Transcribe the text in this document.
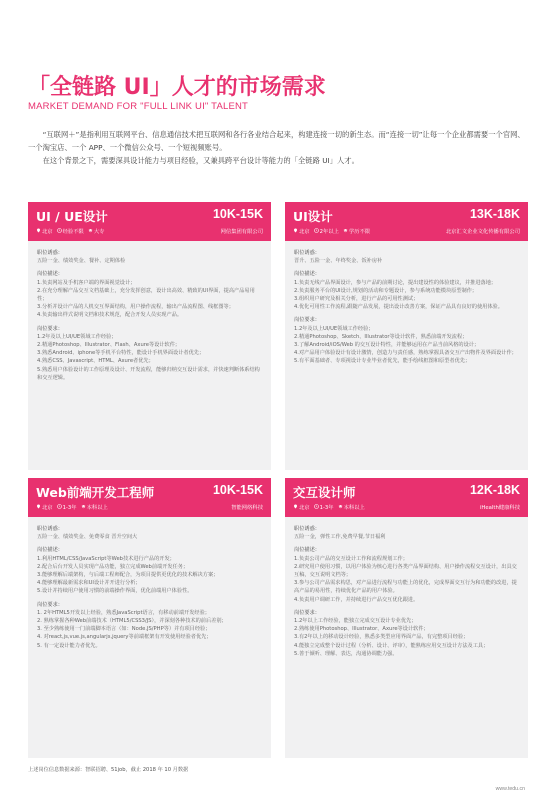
「全链路 UI」人才的市场需求
MARKET DEMAND FOR "FULL LINK UI" TALENT

“互联网＋”是指利用互联网平台、信息通信技术把互联网和各行各业结合起来，构建连接一切的新生态。而“连接一切”让每一个企业都需要一个官网、一个淘宝店、一个 APP、一个微信公众号、一个短视频账号。

在这个背景之下，需要深具设计能力与项目经验，又兼具跨平台设计等能力的「全链路 UI」人才。

UI / UE设计	10K-15K
北京 经验不限 大专	网信集团有限公司
职位诱惑：

五险一金、绩效奖金、餐补、定期体检

岗位描述：

1.负责网站及手机客户端的界面视觉设计；

2.在充分理解产品交互文档基础上，充分发挥创意，设计出高效、精致的UI界面，提高产品易用性；

3.分析并设计产品的人机交互界面结构，用户操作流程，输出产品流程图、线框图等；

4.负责输出样式说明文档和技术规范，配合开发人员实现产品。

岗位要求：

1.2年及以上UI/UE领域工作经验；

2.精通Photoshop、Illustrator、Flash、Axure等设计软件；

3.熟悉Android、iphone等手机平台特性，能设计手机界面设计者优先；

4.熟悉CSS、Javascript、HTML、Axure者优先；

5.熟悉用户体验设计的工作原理及设计、开发流程，能够归纳交互设计需求，并快速判断体系结构和交互逻辑。

UI设计	13K-18K
北京 2年以上 学历不限	北京汇文企业文化传播有限公司
职位诱惑：

晋升、五险一金、年终奖金、饭补房补

岗位描述：

1.负责无线产品界面设计，参与产品的前期讨论，提出建设性的体验建议，并推进落地；

2.负责服务平台的UI设计,规划的活动和专题设计，参与系统功能模块原型制作；

3.组织用户研究及相关分析，进行产品的可用性测试；

4.优化可用性工作流程,跟随产品发展，提出设计改善方案，保证产品具有良好的使用体验。

岗位要求：

1.2年及以上UI/UE领域工作经验；

2.精通Photoshop、Sketch、Illustrator等设计软件，熟悉前端开发流程；

3.了解Android/iOS/Web 的交互设计特性，并能够运用在产品当前风格的设计；

4.对产品用户体验设计有设计激情，创造力与责任感，熟练掌握具备交互产出物件及界面设计作；

5.有平面基础者、专项视设计专业毕业者优先，能手绘线框图和原型者优先；

Web前端开发工程师	10K-15K
北京 1-3年 本科以上	智能网络科技
职位诱惑：

五险一金、绩效奖金、免费零食 晋升空间大

岗位描述：

1.利用HTML/CSS/JavaScript等Web技术进行产品的开发；

2.配合后台开发人员实现产品功能，独立完成Web前端开发任务；

3.能够理解后端架构，与后端工程师配合，为项目提供更优化的技术解决方案；

4.能够理解最新需求和UI设计并开进行分析；

5.设计并持续用户使用习惯的前端操作界面，优化前端用户体验性。

岗位要求：

1. 2年HTML5开发以上经验，熟悉JavaScript语言，有移动前端开发经验；

2. 熟练掌握各种Web前端技术（HTML5/CSS3/JS），并深刻各种技术的前后差别；

3. 至少熟练使用一门前端脚本语言（如：Node.JS/PHP等）并有项目经验；

4. 对react,js,vue.js,angularjs,jquery等前端框架有开发使用经验者优先；

5. 有一定设计能力者优先。

交互设计师	12K-18K
北京 1-3年 本科以上	iHealth健康科技
职位诱惑：

五险一金，弹性工作,免费早餐,节日福利

岗位描述：

1.负责公司产品的交互设计工作和流程规划工作；

2.研究用户使用习惯，以用户体验为核心进行各类产品界面结构、用户操作流程交互设计，出具交互稿，交互说明文档等；

3.参与公司产品需求构思，对产品进行流程与功能上的优化，完成界面交互行为和功能的改进，提高产品的易用性，持续优化产品的用户体验。

4.负责用户调研工作，并持续进行产品交互优化跟进。

岗位要求：

1.2年以上工作经验，能独立完成交互设计专业优先；

2.熟练使用Photoshop、Illustrator、Axure等设计软件；

3.有2年以上的移动设计经验，熟悉多类型应用界面产品，有完整项目经验；

4.能独立完成整个设计过程（分析、设计、评审），能熟练应用交互设计方法及工具；

5.善于倾听、理解、表达，沟通协调能力强。

上述岗位信息数据来源：智联招聘、51job，截止 2018 年 10 月数据
www.tedu.cn
